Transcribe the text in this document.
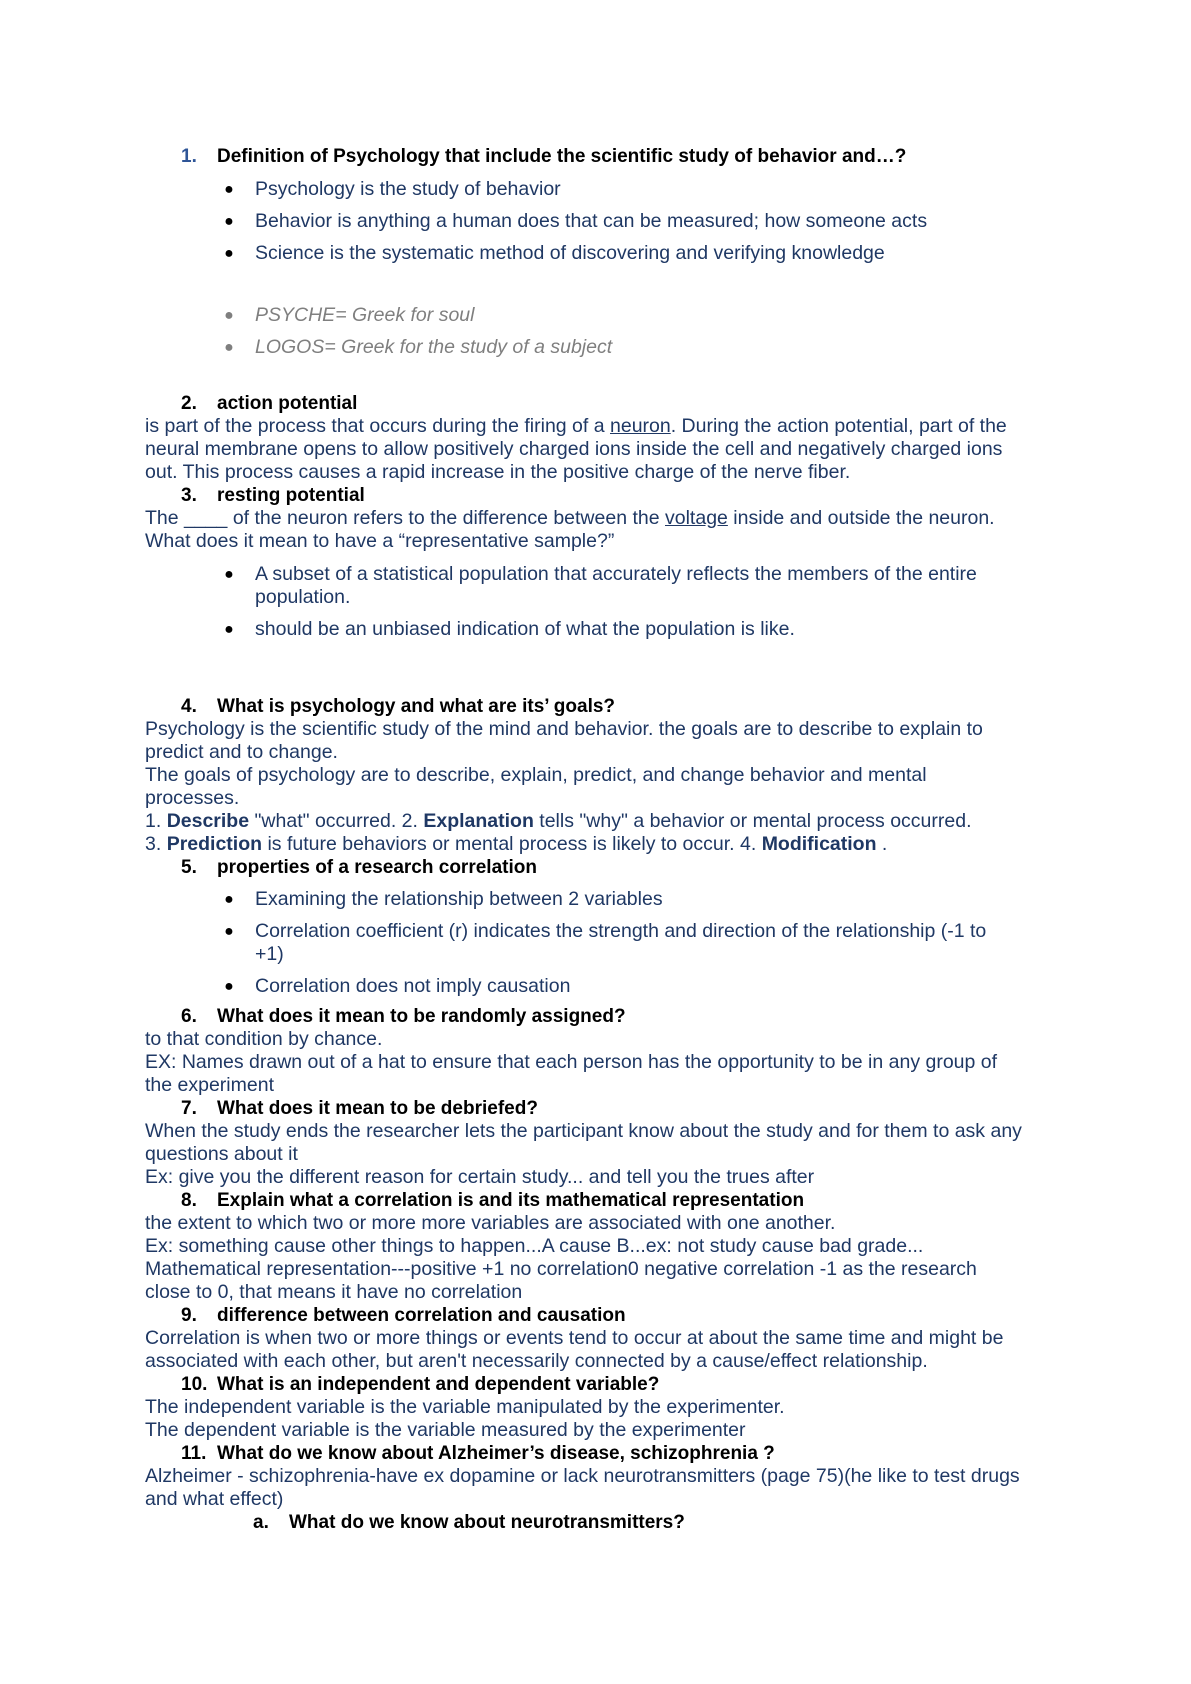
1. Definition of Psychology that include the scientific study of behavior and…?
● Psychology is the study of behavior
● Behavior is anything a human does that can be measured; how someone acts
● Science is the systematic method of discovering and verifying knowledge
● PSYCHE= Greek for soul
● LOGOS= Greek for the study of a subject
2. action potential
is part of the process that occurs during the firing of a neuron. During the action potential, part of the
neural membrane opens to allow positively charged ions inside the cell and negatively charged ions
out. This process causes a rapid increase in the positive charge of the nerve fiber.
3. resting potential
The ____ of the neuron refers to the difference between the voltage inside and outside the neuron.
What does it mean to have a “representative sample?”
● A subset of a statistical population that accurately reflects the members of the entire
population.
● should be an unbiased indication of what the population is like.
4. What is psychology and what are its’ goals?
Psychology is the scientific study of the mind and behavior. the goals are to describe to explain to
predict and to change.
The goals of psychology are to describe, explain, predict, and change behavior and mental
processes.
1. Describe "what" occurred. 2. Explanation tells "why" a behavior or mental process occurred.
3. Prediction is future behaviors or mental process is likely to occur. 4. Modification .
5. properties of a research correlation
● Examining the relationship between 2 variables
● Correlation coefficient (r) indicates the strength and direction of the relationship (-1 to
+1)
● Correlation does not imply causation
6. What does it mean to be randomly assigned?
to that condition by chance.
EX: Names drawn out of a hat to ensure that each person has the opportunity to be in any group of
the experiment
7. What does it mean to be debriefed?
When the study ends the researcher lets the participant know about the study and for them to ask any
questions about it
Ex: give you the different reason for certain study... and tell you the trues after
8. Explain what a correlation is and its mathematical representation
the extent to which two or more more variables are associated with one another.
Ex: something cause other things to happen...A cause B...ex: not study cause bad grade...
Mathematical representation---positive +1 no correlation0 negative correlation -1 as the research
close to 0, that means it have no correlation
9. difference between correlation and causation
Correlation is when two or more things or events tend to occur at about the same time and might be
associated with each other, but aren't necessarily connected by a cause/effect relationship.
10. What is an independent and dependent variable?
The independent variable is the variable manipulated by the experimenter.
The dependent variable is the variable measured by the experimenter
11. What do we know about Alzheimer’s disease, schizophrenia ?
Alzheimer - schizophrenia-have ex dopamine or lack neurotransmitters (page 75)(he like to test drugs
and what effect)
a. What do we know about neurotransmitters?
